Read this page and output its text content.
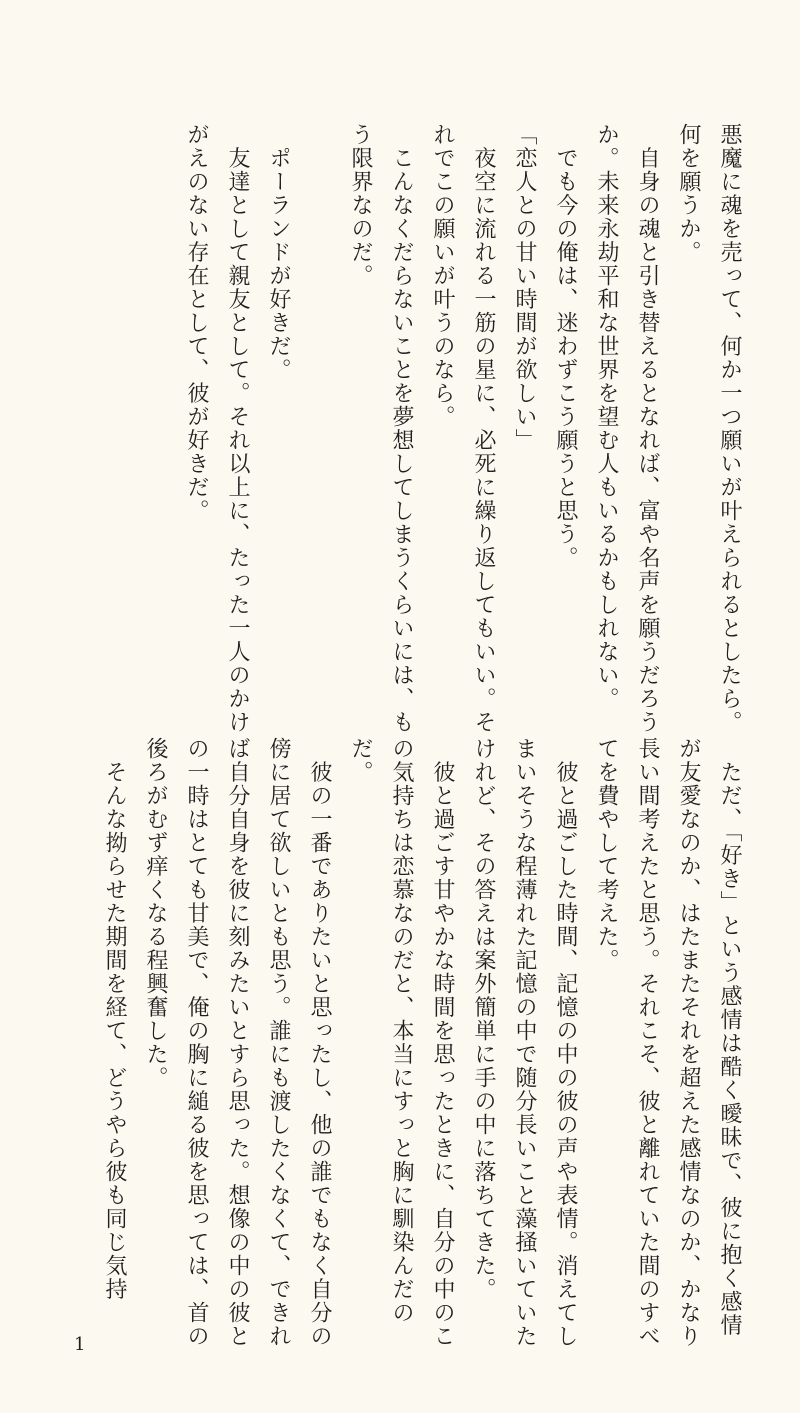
悪魔に魂を売って、何か一つ願いが叶えられるとしたら。何を願うか。

　自身の魂と引き替えるとなれば、富や名声を願うだろうか。未来永劫平和な世界を望む人もいるかもしれない。

　でも今の俺は、迷わずこう願うと思う。

「恋人との甘い時間が欲しい」

　夜空に流れる一筋の星に、必死に繰り返してもいい。それでこの願いが叶うのなら。

　こんなくだらないことを夢想してしまうくらいには、もう限界なのだ。

　ポーランドが好きだ。

　友達として親友として。それ以上に、たった一人のかけがえのない存在として、彼が好きだ。

　ただ、「好き」という感情は酷く曖昧で、彼に抱く感情が友愛なのか、はたまたそれを超えた感情なのか、かなり長い間考えたと思う。それこそ、彼と離れていた間のすべてを費やして考えた。

　彼と過ごした時間、記憶の中の彼の声や表情。消えてしまいそうな程薄れた記憶の中で随分長いこと藻掻いていたけれど、その答えは案外簡単に手の中に落ちてきた。

　彼と過ごす甘やかな時間を思ったときに、自分の中のこの気持ちは恋慕なのだと、本当にすっと胸に馴染んだのだ。

　彼の一番でありたいと思ったし、他の誰でもなく自分の傍に居て欲しいとも思う。誰にも渡したくなくて、できれば自分自身を彼に刻みたいとすら思った。想像の中の彼との一時はとても甘美で、俺の胸に縋る彼を思っては、首の後ろがむず痒くなる程興奮した。

　そんな拗らせた期間を経て、どうやら彼も同じ気持

1
